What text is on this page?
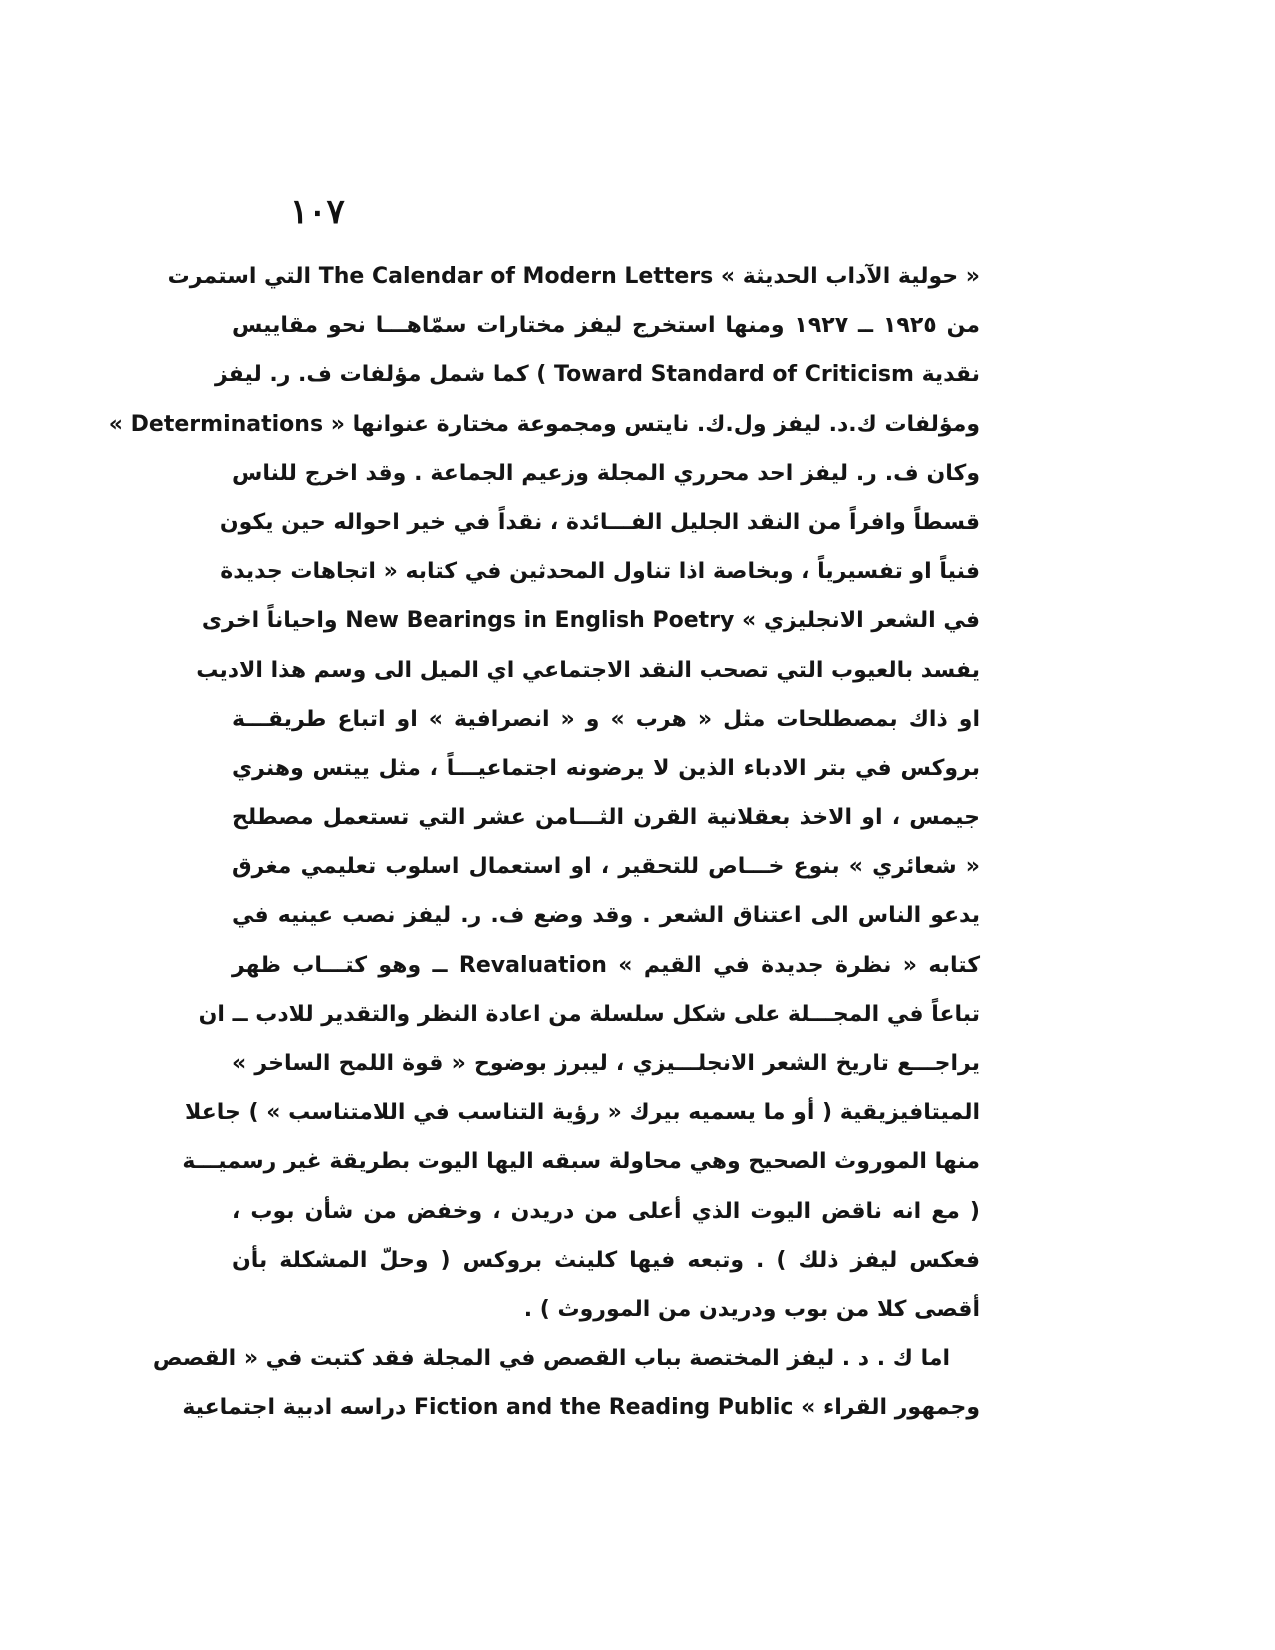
١٠٧
« حولية الآداب الحديثة » The Calendar of Modern Letters التي استمرت
من ١٩٢٥ ــ ١٩٢٧ ومنها استخرج ليفز مختارات سمّاهـــا نحو مقاييس
نقدية Toward Standard of Criticism ) كما شمل مؤلفات ف. ر. ليفز
ومؤلفات ك.د. ليفز ول.ك. نايتس ومجموعة مختارة عنوانها « Determinations »
وكان ف. ر. ليفز احد محرري المجلة وزعيم الجماعة . وقد اخرج للناس
قسطاً وافراً من النقد الجليل الفـــائدة ، نقداً في خير احواله حين يكون
فنياً او تفسيرياً ، وبخاصة اذا تناول المحدثين في كتابه « اتجاهات جديدة
في الشعر الانجليزي » New Bearings in English Poetry واحياناً اخرى
يفسد بالعيوب التي تصحب النقد الاجتماعي اي الميل الى وسم هذا الاديب
او ذاك بمصطلحات مثل « هرب » و « انصرافية » او اتباع طريقـــة
بروكس في بتر الادباء الذين لا يرضونه اجتماعيـــاً ، مثل ييتس وهنري
جيمس ، او الاخذ بعقلانية القرن الثـــامن عشر التي تستعمل مصطلح
« شعائري » بنوع خـــاص للتحقير ، او استعمال اسلوب تعليمي مغرق
يدعو الناس الى اعتناق الشعر . وقد وضع ف. ر. ليفز نصب عينيه في
كتابه « نظرة جديدة في القيم » Revaluation ــ وهو كتـــاب ظهر
تباعاً في المجـــلة على شكل سلسلة من اعادة النظر والتقدير للادب ــ ان
يراجـــع تاريخ الشعر الانجلـــيزي ، ليبرز بوضوح « قوة اللمح الساخر »
الميتافيزيقية ( أو ما يسميه بيرك « رؤية التناسب في اللامتناسب » ) جاعلا
منها الموروث الصحيح وهي محاولة سبقه اليها اليوت بطريقة غير رسميـــة
( مع انه ناقض اليوت الذي أعلى من دريدن ، وخفض من شأن بوب ،
فعكس ليفز ذلك ) . وتبعه فيها كلينث بروكس ( وحلّ المشكلة بأن
أقصى كلا من بوب ودريدن من الموروث ) .
اما ك . د . ليفز المختصة بباب القصص في المجلة فقد كتبت في « القصص
وجمهور القراء » Fiction and the Reading Public دراسه ادبية اجتماعية
